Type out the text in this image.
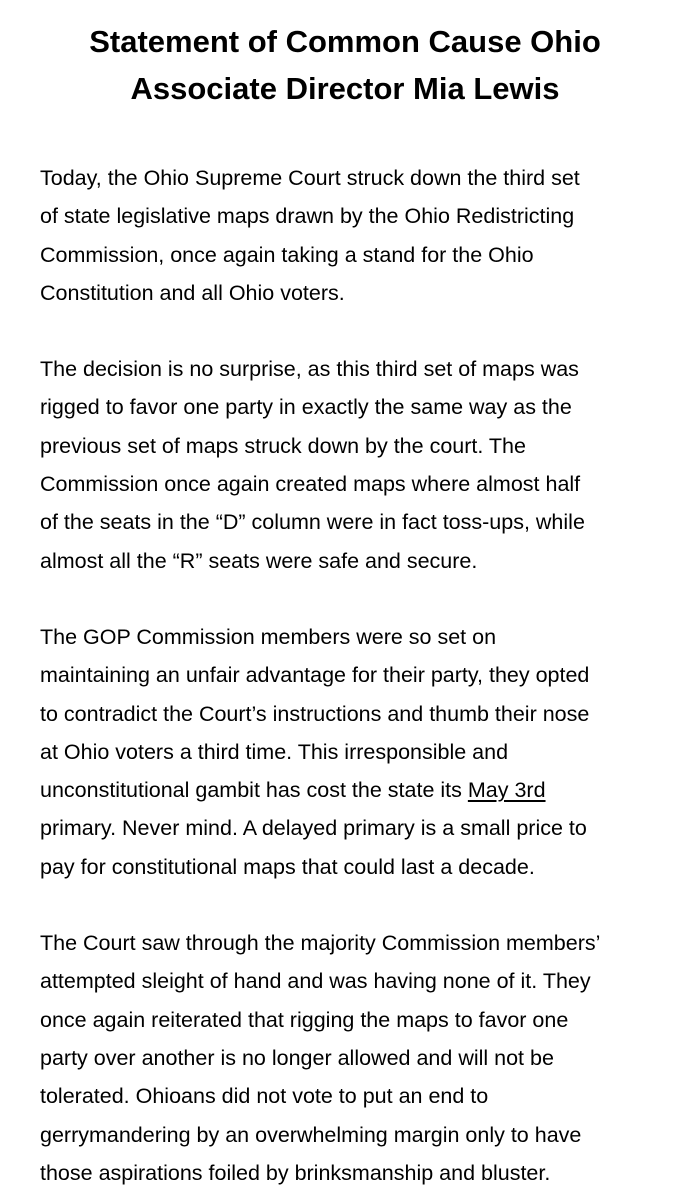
Statement of Common Cause Ohio
Associate Director Mia Lewis

Today, the Ohio Supreme Court struck down the third set
of state legislative maps drawn by the Ohio Redistricting
Commission, once again taking a stand for the Ohio
Constitution and all Ohio voters.

The decision is no surprise, as this third set of maps was
rigged to favor one party in exactly the same way as the
previous set of maps struck down by the court. The
Commission once again created maps where almost half
of the seats in the “D” column were in fact toss-ups, while
almost all the “R” seats were safe and secure.

The GOP Commission members were so set on
maintaining an unfair advantage for their party, they opted
to contradict the Court’s instructions and thumb their nose
at Ohio voters a third time. This irresponsible and
unconstitutional gambit has cost the state its May 3rd
primary. Never mind. A delayed primary is a small price to
pay for constitutional maps that could last a decade.

The Court saw through the majority Commission members’
attempted sleight of hand and was having none of it. They
once again reiterated that rigging the maps to favor one
party over another is no longer allowed and will not be
tolerated. Ohioans did not vote to put an end to
gerrymandering by an overwhelming margin only to have
those aspirations foiled by brinksmanship and bluster.
